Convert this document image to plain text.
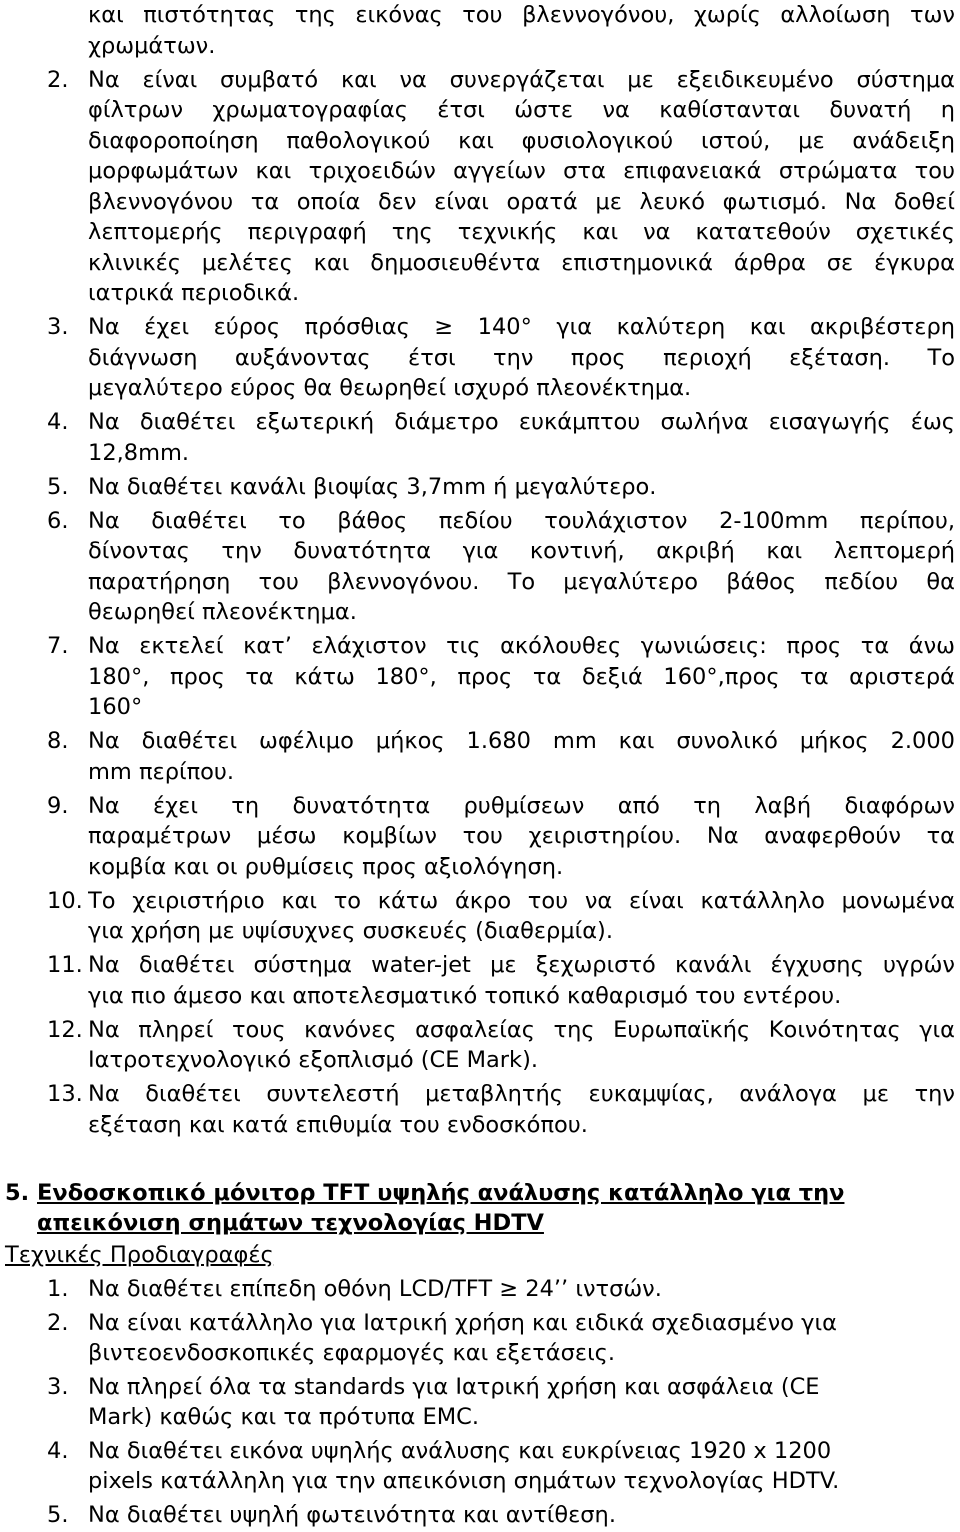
και πιστότητας της εικόνας του βλεννογόνου, χωρίς αλλοίωση των
χρωμάτων.
2. Να είναι συμβατό και να συνεργάζεται με εξειδικευμένο σύστημα
φίλτρων χρωματογραφίας έτσι ώστε να καθίστανται δυνατή η
διαφοροποίηση παθολογικού και φυσιολογικού ιστού, με ανάδειξη
μορφωμάτων και τριχοειδών αγγείων στα επιφανειακά στρώματα του
βλεννογόνου τα οποία δεν είναι ορατά με λευκό φωτισμό. Να δοθεί
λεπτομερής περιγραφή της τεχνικής και να κατατεθούν σχετικές
κλινικές μελέτες και δημοσιευθέντα επιστημονικά άρθρα σε έγκυρα
ιατρικά περιοδικά.
3. Να έχει εύρος πρόσθιας ≥ 140° για καλύτερη και ακριβέστερη
διάγνωση αυξάνοντας έτσι την προς περιοχή εξέταση. Το
μεγαλύτερο εύρος θα θεωρηθεί ισχυρό πλεονέκτημα.
4. Να διαθέτει εξωτερική διάμετρο ευκάμπτου σωλήνα εισαγωγής έως
12,8mm.
5. Να διαθέτει κανάλι βιοψίας 3,7mm ή μεγαλύτερο.
6. Να διαθέτει το βάθος πεδίου τουλάχιστον 2-100mm περίπου,
δίνοντας την δυνατότητα για κοντινή, ακριβή και λεπτομερή
παρατήρηση του βλεννογόνου. Το μεγαλύτερο βάθος πεδίου θα
θεωρηθεί πλεονέκτημα.
7. Να εκτελεί κατ’ ελάχιστον τις ακόλουθες γωνιώσεις: προς τα άνω
180°, προς τα κάτω 180°, προς τα δεξιά 160°,προς τα αριστερά
160°
8. Να διαθέτει ωφέλιμο μήκος 1.680 mm και συνολικό μήκος 2.000
mm περίπου.
9. Να έχει τη δυνατότητα ρυθμίσεων από τη λαβή διαφόρων
παραμέτρων μέσω κομβίων του χειριστηρίου. Να αναφερθούν τα
κομβία και οι ρυθμίσεις προς αξιολόγηση.
10. Το χειριστήριο και το κάτω άκρο του να είναι κατάλληλο μονωμένα
για χρήση με υψίσυχνες συσκευές (διαθερμία).
11. Να διαθέτει σύστημα water-jet με ξεχωριστό κανάλι έγχυσης υγρών
για πιο άμεσο και αποτελεσματικό τοπικό καθαρισμό του εντέρου.
12. Να πληρεί τους κανόνες ασφαλείας της Ευρωπαϊκής Κοινότητας για
Ιατροτεχνολογικό εξοπλισμό (CE Mark).
13. Να διαθέτει συντελεστή μεταβλητής ευκαμψίας, ανάλογα με την
εξέταση και κατά επιθυμία του ενδοσκόπου.
5. Ενδοσκοπικό μόνιτορ TFT υψηλής ανάλυσης κατάλληλο για την
απεικόνιση σημάτων τεχνολογίας HDTV
Τεχνικές Προδιαγραφές
1. Να διαθέτει επίπεδη οθόνη LCD/TFT ≥ 24’’ ιντσών.
2. Να είναι κατάλληλο για Ιατρική χρήση και ειδικά σχεδιασμένο για
βιντεοενδοσκοπικές εφαρμογές και εξετάσεις.
3. Να πληρεί όλα τα standards για Ιατρική χρήση και ασφάλεια (CE
Mark) καθώς και τα πρότυπα EMC.
4. Να διαθέτει εικόνα υψηλής ανάλυσης και ευκρίνειας 1920 x 1200
pixels κατάλληλη για την απεικόνιση σημάτων τεχνολογίας HDTV.
5. Να διαθέτει υψηλή φωτεινότητα και αντίθεση.
